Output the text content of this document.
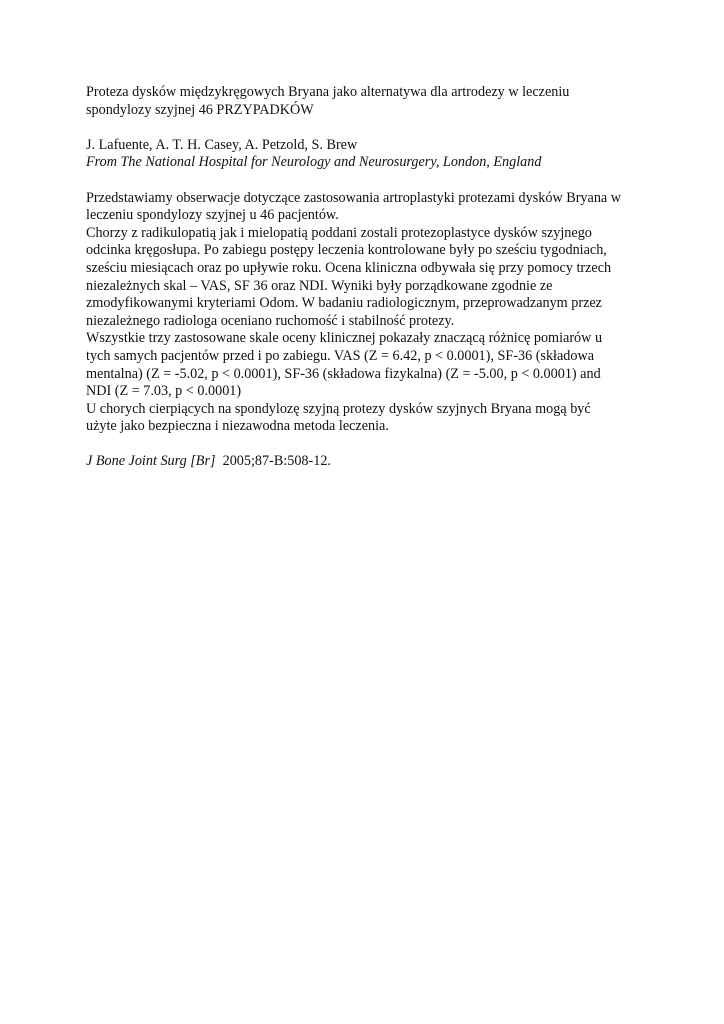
Proteza dysków międzykręgowych Bryana jako alternatywa dla artrodezy w leczeniu
spondylozy szyjnej 46 PRZYPADKÓW
J. Lafuente, A. T. H. Casey, A. Petzold, S. Brew
From The National Hospital for Neurology and Neurosurgery, London, England
Przedstawiamy obserwacje dotyczące zastosowania artroplastyki protezami dysków Bryana w
leczeniu spondylozy szyjnej u 46 pacjentów.
Chorzy z radikulopatią jak i mielopatią poddani zostali protezoplastyce dysków szyjnego
odcinka kręgosłupa. Po zabiegu postępy leczenia kontrolowane były po sześciu tygodniach,
sześciu miesiącach oraz po upływie roku. Ocena kliniczna odbywała się przy pomocy trzech
niezależnych skal – VAS, SF 36 oraz NDI. Wyniki były porządkowane zgodnie ze
zmodyfikowanymi kryteriami Odom. W badaniu radiologicznym, przeprowadzanym przez
niezależnego radiologa oceniano ruchomość i stabilność protezy.
Wszystkie trzy zastosowane skale oceny klinicznej pokazały znaczącą różnicę pomiarów u
tych samych pacjentów przed i po zabiegu. VAS (Z = 6.42, p < 0.0001), SF-36 (składowa
mentalna) (Z = -5.02, p < 0.0001), SF-36 (składowa fizykalna) (Z = -5.00, p < 0.0001) and
NDI (Z = 7.03, p < 0.0001)
U chorych cierpiących na spondylozę szyjną protezy dysków szyjnych Bryana mogą być
użyte jako bezpieczna i niezawodna metoda leczenia.
J Bone Joint Surg [Br] 2005;87-B:508-12.
